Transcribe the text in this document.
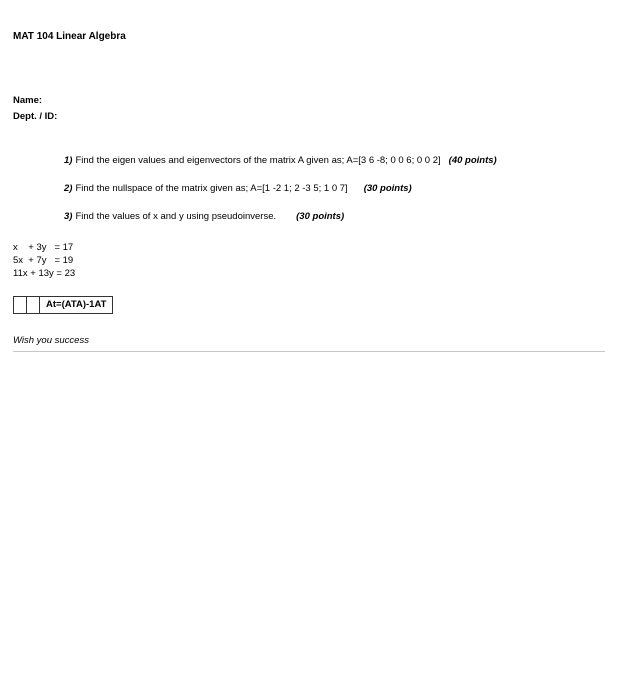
MAT 104 Linear Algebra
Name:
Dept. / ID:
1) Find the eigen values and eigenvectors of the matrix A given as; A=[3 6 -8; 0 0 6; 0 0 2] (40 points)
2) Find the nullspace of the matrix given as; A=[1 -2 1; 2 -3 5; 1 0 7] (30 points)
3) Find the values of x and y using pseudoinverse. (30 points)
x    + 3y   = 17
5x  + 7y   = 19
11x + 13y = 23
At=(ATA)-1AT
Wish you success
